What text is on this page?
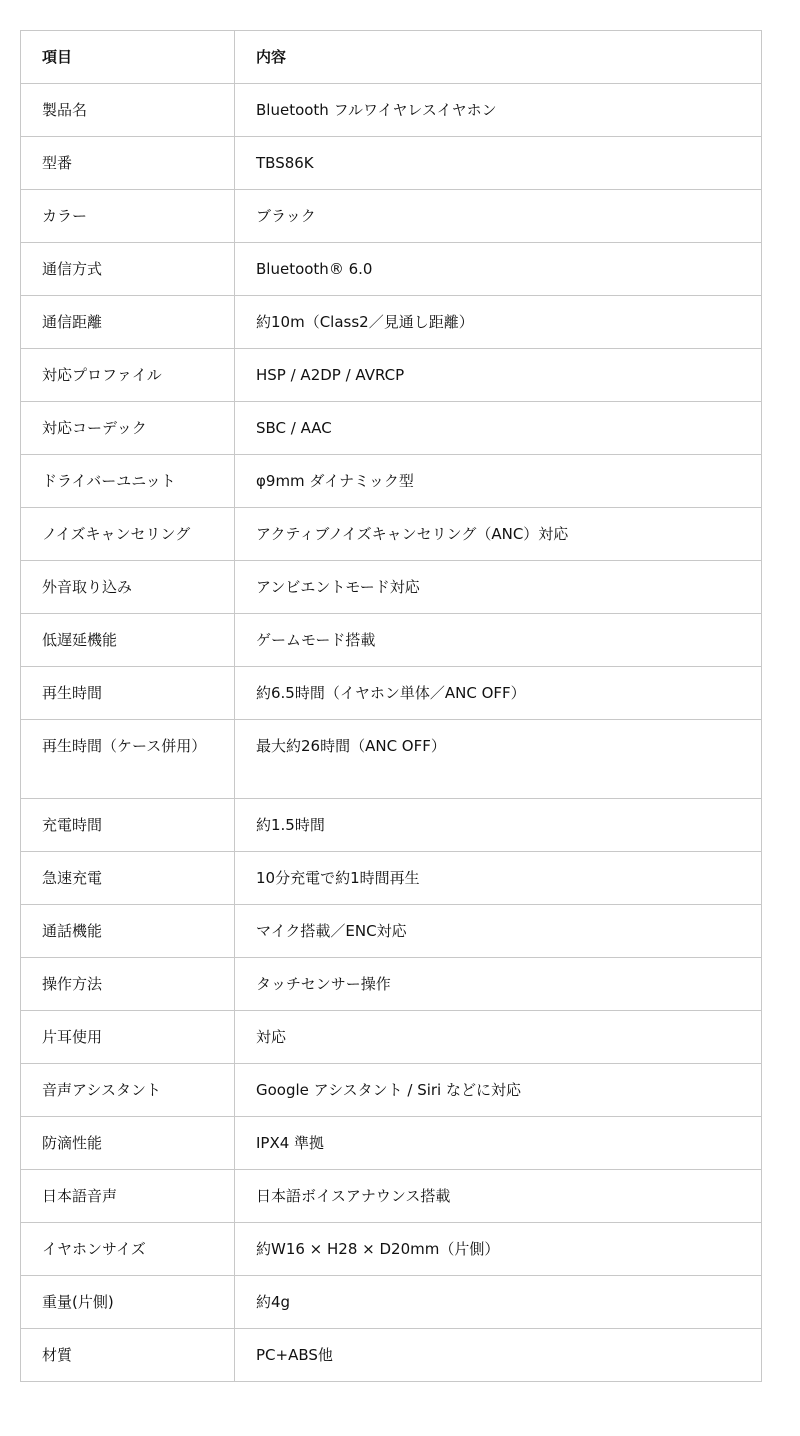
項目	内容

製品名	Bluetooth フルワイヤレスイヤホン

型番	TBS86K

カラー	ブラック

通信方式	Bluetooth® 6.0

通信距離	約10m（Class2／見通し距離）

対応プロファイル	HSP / A2DP / AVRCP

対応コーデック	SBC / AAC

ドライバーユニット	φ9mm ダイナミック型

ノイズキャンセリング	アクティブノイズキャンセリング（ANC）対応

外音取り込み	アンビエントモード対応

低遅延機能	ゲームモード搭載

再生時間	約6.5時間（イヤホン単体／ANC OFF）

再生時間（ケース併用）	最大約26時間（ANC OFF）

充電時間	約1.5時間

急速充電	10分充電で約1時間再生

通話機能	マイク搭載／ENC対応

操作方法	タッチセンサー操作

片耳使用	対応

音声アシスタント	Google アシスタント / Siri などに対応

防滴性能	IPX4 準拠

日本語音声	日本語ボイスアナウンス搭載

イヤホンサイズ	約W16 × H28 × D20mm（片側）

重量(片側)	約4g

材質	PC+ABS他
